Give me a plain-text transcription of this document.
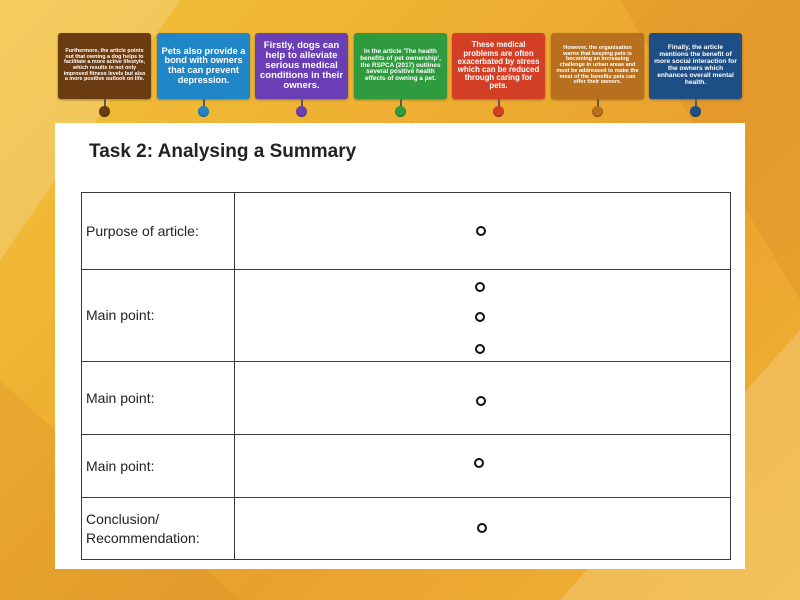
Furthermore, the article points out that owning a dog helps to facilitate a more active lifestyle, which results in not only improved fitness levels but also a more positive outlook on life.
Pets also provide a bond with owners that can prevent depression.
Firstly, dogs can help to alleviate serious medical conditions in their owners.
In the article 'The health benefits of pet ownership', the RSPCA (2017) outlines several positive health effects of owning a pet.
These medical problems are often exacerbated by stress which can be reduced through caring for pets.
However, the organisation warns that keeping pets is becoming an increasing challenge in urban areas and must be addressed to make the most of the benefits pets can offer their owners.
Finally, the article mentions the benefit of more social interaction for the owners which enhances overall mental health.
Task 2: Analysing a Summary
Purpose of article:	

Main point:	

Main point:	

Main point:	

Conclusion/ Recommendation:	
